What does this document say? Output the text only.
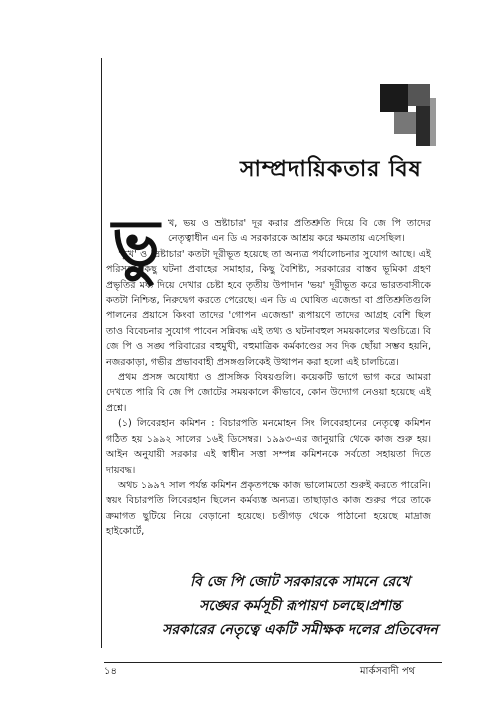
সাম্প্রদায়িকতার বিষ
ভু খ, ভয় ও ভ্রষ্টাচার' দূর করার প্রতিশ্রুতি দিয়ে বি জে পি তাদের নেতৃত্বাধীন এন ডি এ সরকারকে আশ্রয় করে ক্ষমতায় এসেছিল।

'ভুখ' ও 'ভ্রষ্টাচার' কতটা দূরীভূত হয়েছে তা অন্যত্র পর্যালোচনার সুযোগ আছে। এই পরিসরে কিছু ঘটনা প্রবাহের সমাহার, কিছু বৈশিষ্ট্য, সরকারের বাস্তব ভূমিকা গ্রহণ প্রভৃতির মধ্য দিয়ে দেখার চেষ্টা হবে তৃতীয় উপাদান 'ভয়' দূরীভূত করে ভারতবাসীকে কতটা নিশ্চিন্ত, নিরুদ্বেগ করতে পেরেছে। এন ডি এ ঘোষিত এজেন্ডা বা প্রতিশ্রুতিগুলি পালনের প্রয়াসে কিংবা তাদের 'গোপন এজেন্ডা' রূপায়ণে তাদের আগ্রহ বেশি ছিল তাও বিবেচনার সুযোগ পাবেন সন্নিবদ্ধ এই তথ্য ও ঘটনাবহুল সময়কালের খণ্ডচিত্রে। বি জে পি ও সঙ্ঘ পরিবারের বহুমুখী, বহুমাত্রিক কর্মকাণ্ডের সব দিক ছোঁয়া সম্ভব হয়নি, নজরকাড়া, গভীর প্রভাববাহী প্রসঙ্গগুলিকেই উত্থাপন করা হলো এই চালচিত্রে।

প্রথম প্রসঙ্গ অযোধ্যা ও প্রাসঙ্গিক বিষয়গুলি। কয়েকটি ভাগে ভাগ করে আমরা দেখতে পারি বি জে পি জোটের সময়কালে কীভাবে, কোন উদ্যোগ নেওয়া হয়েছে এই প্রশ্নে।

(১) লিবেরহান কমিশন : বিচারপতি মনমোহন সিং লিবেরহানের নেতৃত্বে কমিশন গঠিত হয় ১৯৯২ সালের ১৬ই ডিসেম্বর। ১৯৯৩-এর জানুয়ারি থেকে কাজ শুরু হয়। আইন অনুযায়ী সরকার এই স্বাধীন সত্তা সম্পন্ন কমিশনকে সর্বতো সহায়তা দিতে দায়বদ্ধ।

অথচ ১৯৯৭ সাল পর্যন্ত কমিশন প্রকৃতপক্ষে কাজ ভালোমতো শুরুই করতে পারেনি। স্বয়ং বিচারপতি লিবেরহান ছিলেন কর্মব্যস্ত অন্যত্র। তাছাড়াও কাজ শুরুর পরে তাকে ক্রমাগত ছুটিয়ে নিয়ে বেড়ানো হয়েছে। চণ্ডীগড় থেকে পাঠানো হয়েছে মাদ্রাজ হাইকোর্টে,

বি জে পি জোট সরকারকে সামনে রেখে
সঙ্ঘের কর্মসূচী রূপায়ণ চলছে।প্রশান্ত
সরকারের নেতৃত্বে একটি সমীক্ষক দলের প্রতিবেদন
১৪	মার্কসবাদী পথ
